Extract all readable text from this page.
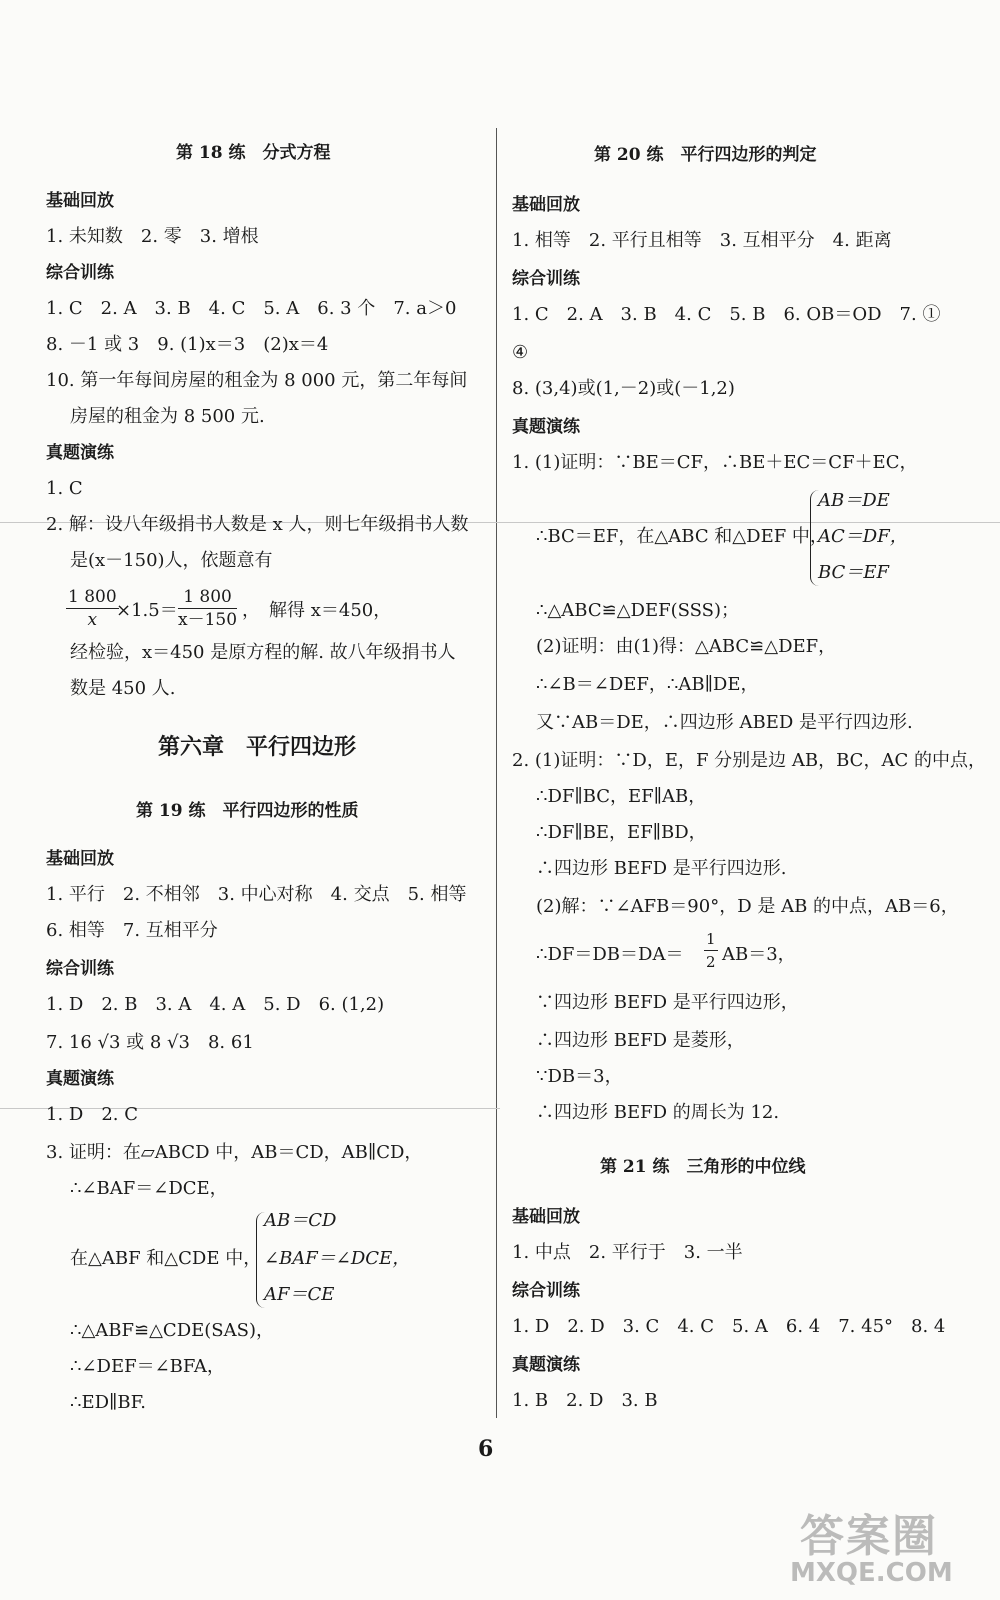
第 18 练　分式方程
基础回放
1. 未知数　2. 零　3. 增根
综合训练
1. C　2. A　3. B　4. C　5. A　6. 3 个　7. a＞0
8. －1 或 3　9. (1)x＝3　(2)x＝4
10. 第一年每间房屋的租金为 8 000 元，第二年每间
房屋的租金为 8 500 元.
真题演练
1. C
2. 解：设八年级捐书人数是 x 人，则七年级捐书人数
是(x－150)人，依题意有
$\frac{1 800}{x}$
$\times 1.5= \frac{1 800}{x-150}$ ，　解得 x＝450，
经检验，x＝450 是原方程的解. 故八年级捐书人
数是 450 人.
第六章　平行四边形
第 19 练　平行四边形的性质
基础回放
1. 平行　2. 不相邻　3. 中心对称　4. 交点　5. 相等
6. 相等　7. 互相平分
综合训练
1. D　2. B　3. A　4. A　5. D　6. (1,2)
7. 16 √3 或 8 √3　8. 61
真题演练
1. D　2. C
3. 证明：在▱ABCD 中，AB＝CD，AB∥CD，
∴∠BAF＝∠DCE，
在△ABF 和△CDE 中，
AB＝CD
∠BAF＝∠DCE，
AF＝CE
∴△ABF≌△CDE(SAS)，
∴∠DEF＝∠BFA，
∴ED∥BF.
第 20 练　平行四边形的判定
基础回放
1. 相等　2. 平行且相等　3. 互相平分　4. 距离
综合训练
1. C　2. A　3. B　4. C　5. B　6. OB＝OD　7. ①
④
8. (3,4)或(1,－2)或(－1,2)
真题演练
1. (1)证明：∵BE＝CF，∴BE＋EC＝CF＋EC，
∴BC＝EF，在△ABC 和△DEF 中，
AB＝DE
AC＝DF，
BC＝EF
∴△ABC≌△DEF(SSS)；
(2)证明：由(1)得：△ABC≌△DEF，
∴∠B＝∠DEF，∴AB∥DE，
又∵AB＝DE，∴四边形 ABED 是平行四边形.
2. (1)证明：∵D，E，F 分别是边 AB，BC，AC 的中点，
∴DF∥BC，EF∥AB，
∴DF∥BE，EF∥BD，
∴四边形 BEFD 是平行四边形.
(2)解：∵∠AFB＝90°，D 是 AB 的中点，AB＝6，
∴DF＝DB＝DA＝ $\frac{1}{2} AB=3$，
∵四边形 BEFD 是平行四边形，
∴四边形 BEFD 是菱形，
∵DB＝3，
∴四边形 BEFD 的周长为 12.
第 21 练　三角形的中位线
基础回放
1. 中点　2. 平行于　3. 一半
综合训练
1. D　2. D　3. C　4. C　5. A　6. 4　7. 45°　8. 4
真题演练
1. B　2. D　3. B
6
答案圈
MXQE.COM
